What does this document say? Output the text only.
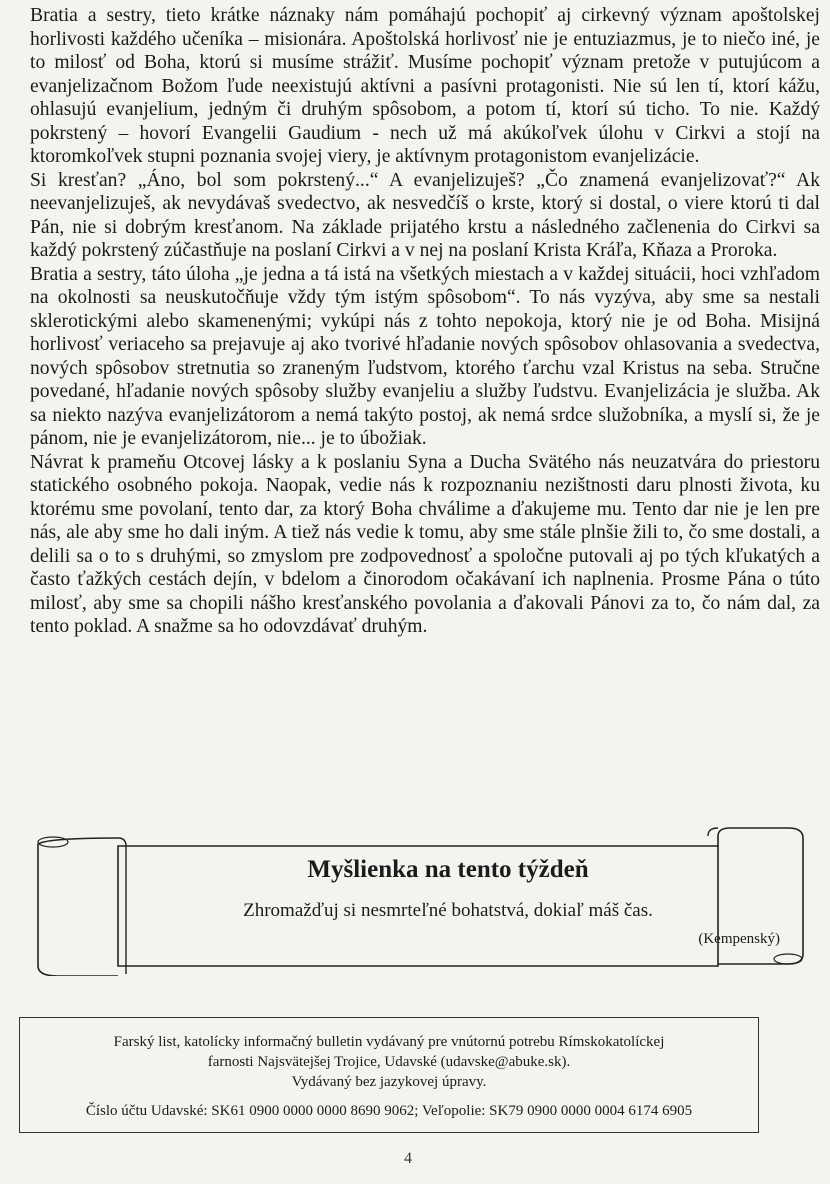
Bratia a sestry, tieto krátke náznaky nám pomáhajú pochopiť aj cirkevný význam apoštolskej horlivosti každého učeníka – misionára. Apoštolská horlivosť nie je entuziazmus, je to niečo iné, je to milosť od Boha, ktorú si musíme strážiť. Musíme pochopiť význam pretože v putujúcom a evanjelizačnom Božom ľude neexistujú aktívni a pasívni protagonisti. Nie sú len tí, ktorí kážu, ohlasujú evanjelium, jedným či druhým spôsobom, a potom tí, ktorí sú ticho. To nie. Každý pokrstený – hovorí Evangelii Gaudium - nech už má akúkoľvek úlohu v Cirkvi a stojí na ktoromkoľvek stupni poznania svojej viery, je aktívnym protagonistom evanjelizácie.

Si kresťan? „Áno, bol som pokrstený...“ A evanjelizuješ? „Čo znamená evanjelizovať?“ Ak neevanjelizuješ, ak nevydávaš svedectvo, ak nesvedčíš o krste, ktorý si dostal, o viere ktorú ti dal Pán, nie si dobrým kresťanom. Na základe prijatého krstu a následného začlenenia do Cirkvi sa každý pokrstený zúčastňuje na poslaní Cirkvi a v nej na poslaní Krista Kráľa, Kňaza a Proroka.

Bratia a sestry, táto úloha „je jedna a tá istá na všetkých miestach a v každej situácii, hoci vzhľadom na okolnosti sa neuskutočňuje vždy tým istým spôsobom“. To nás vyzýva, aby sme sa nestali sklerotickými alebo skamenenými; vykúpi nás z tohto nepokoja, ktorý nie je od Boha. Misijná horlivosť veriaceho sa prejavuje aj ako tvorivé hľadanie nových spôsobov ohlasovania a svedectva, nových spôsobov stretnutia so zraneným ľudstvom, ktorého ťarchu vzal Kristus na seba. Stručne povedané, hľadanie nových spôsoby služby evanjeliu a služby ľudstvu. Evanjelizácia je služba. Ak sa niekto nazýva evanjelizátorom a nemá takýto postoj, ak nemá srdce služobníka, a myslí si, že je pánom, nie je evanjelizátorom, nie... je to úbožiak.

Návrat k prameňu Otcovej lásky a k poslaniu Syna a Ducha Svätého nás neuzatvára do priestoru statického osobného pokoja. Naopak, vedie nás k rozpoznaniu nezištnosti daru plnosti života, ku ktorému sme povolaní, tento dar, za ktorý Boha chválime a ďakujeme mu. Tento dar nie je len pre nás, ale aby sme ho dali iným. A tiež nás vedie k tomu, aby sme stále plnšie žili to, čo sme dostali, a delili sa o to s druhými, so zmyslom pre zodpovednosť a spoločne putovali aj po tých kľukatých a často ťažkých cestách dejín, v bdelom a činorodom očakávaní ich naplnenia. Prosme Pána o túto milosť, aby sme sa chopili nášho kresťanského povolania a ďakovali Pánovi za to, čo nám dal, za tento poklad. A snažme sa ho odovzdávať druhým.

Myšlienka na tento týždeň
Zhromažďuj si nesmrteľné bohatstvá, dokiaľ máš čas.
(Kempenský)
Farský list, katolícky informačný bulletin vydávaný pre vnútornú potrebu Rímskokatolíckej
farnosti Najsvätejšej Trojice, Udavské (udavske@abuke.sk).
Vydávaný bez jazykovej úpravy.
Číslo účtu Udavské: SK61 0900 0000 0000 8690 9062; Veľopolie: SK79 0900 0000 0004 6174 6905
4
